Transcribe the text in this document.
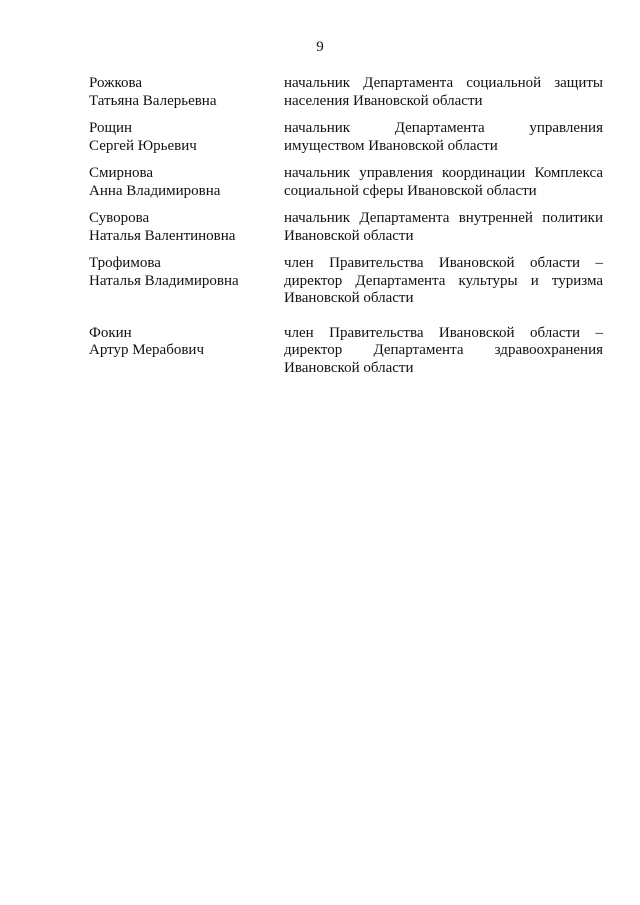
9
Рожкова
Татьяна Валерьевна
начальник Департамента социальной защиты населения Ивановской области
Рощин
Сергей Юрьевич
начальник Департамента управления имуществом Ивановской области
Смирнова
Анна Владимировна
начальник управления координации Комплекса социальной сферы Ивановской области
Суворова
Наталья Валентиновна
начальник Департамента внутренней политики Ивановской области
Трофимова
Наталья Владимировна
член Правительства Ивановской области – директор Департамента культуры и туризма Ивановской области
Фокин
Артур Мерабович
член Правительства Ивановской области – директор Департамента здравоохранения Ивановской области
